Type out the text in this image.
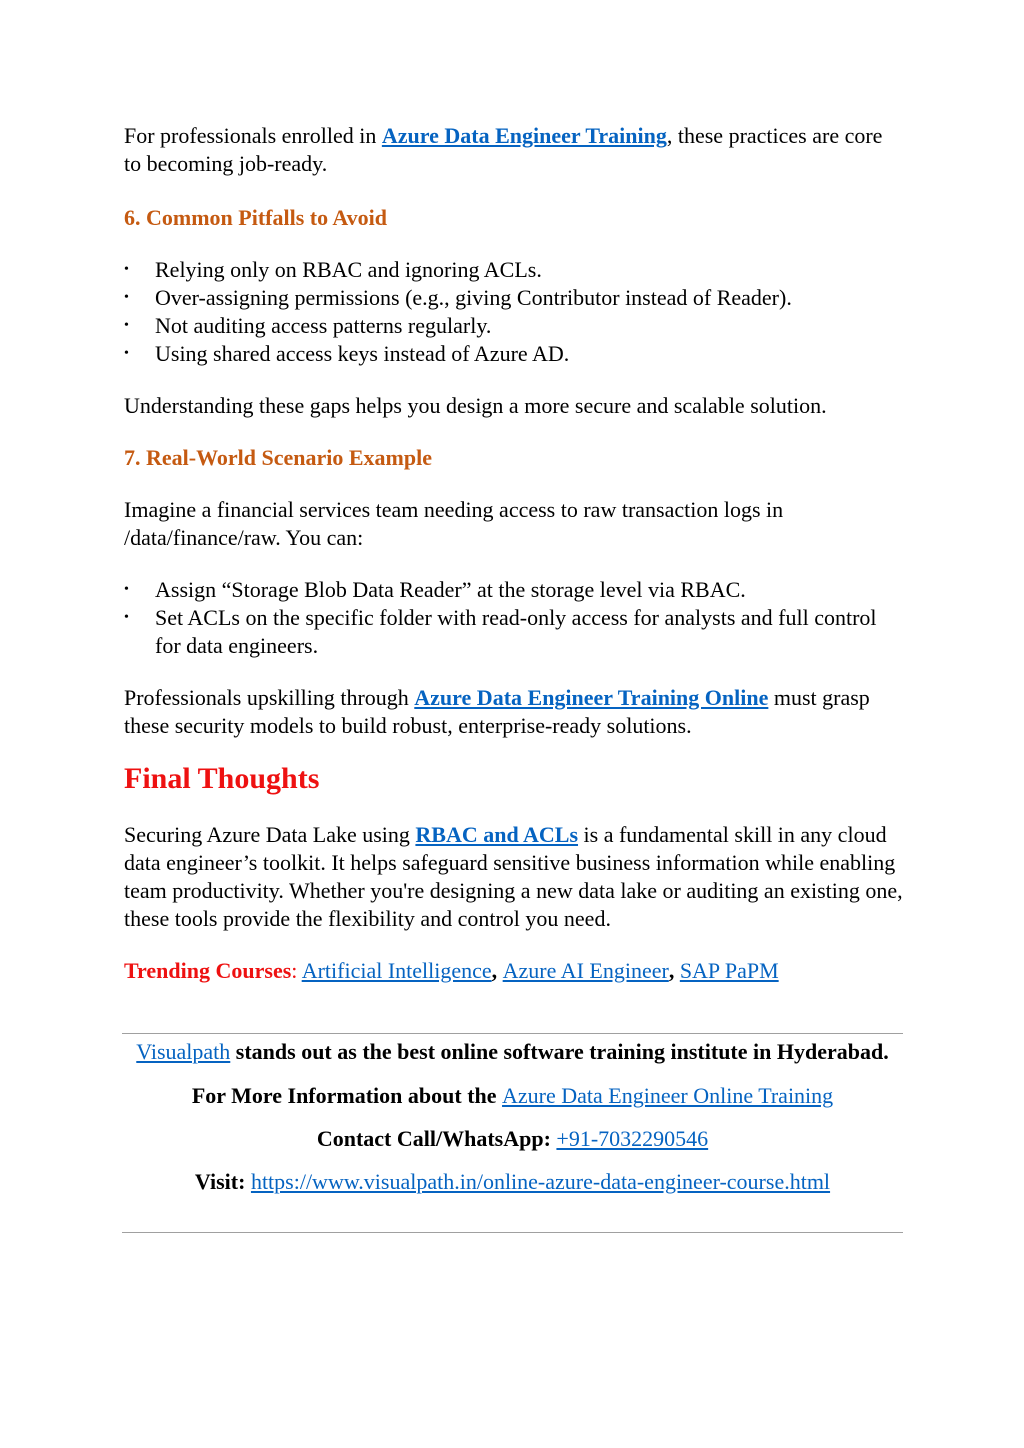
For professionals enrolled in Azure Data Engineer Training, these practices are core to becoming job-ready.

6. Common Pitfalls to Avoid
• Relying only on RBAC and ignoring ACLs.
• Over-assigning permissions (e.g., giving Contributor instead of Reader).
• Not auditing access patterns regularly.
• Using shared access keys instead of Azure AD.

Understanding these gaps helps you design a more secure and scalable solution.

7. Real-World Scenario Example

Imagine a financial services team needing access to raw transaction logs in /data/finance/raw. You can:

• Assign “Storage Blob Data Reader” at the storage level via RBAC.
• Set ACLs on the specific folder with read-only access for analysts and full control for data engineers.

Professionals upskilling through Azure Data Engineer Training Online must grasp these security models to build robust, enterprise-ready solutions.

Final Thoughts

Securing Azure Data Lake using RBAC and ACLs is a fundamental skill in any cloud data engineer’s toolkit. It helps safeguard sensitive business information while enabling team productivity. Whether you're designing a new data lake or auditing an existing one, these tools provide the flexibility and control you need.

Trending Courses: Artificial Intelligence, Azure AI Engineer, SAP PaPM

Visualpath stands out as the best online software training institute in Hyderabad.

For More Information about the Azure Data Engineer Online Training

Contact Call/WhatsApp: +91-7032290546

Visit: https://www.visualpath.in/online-azure-data-engineer-course.html
